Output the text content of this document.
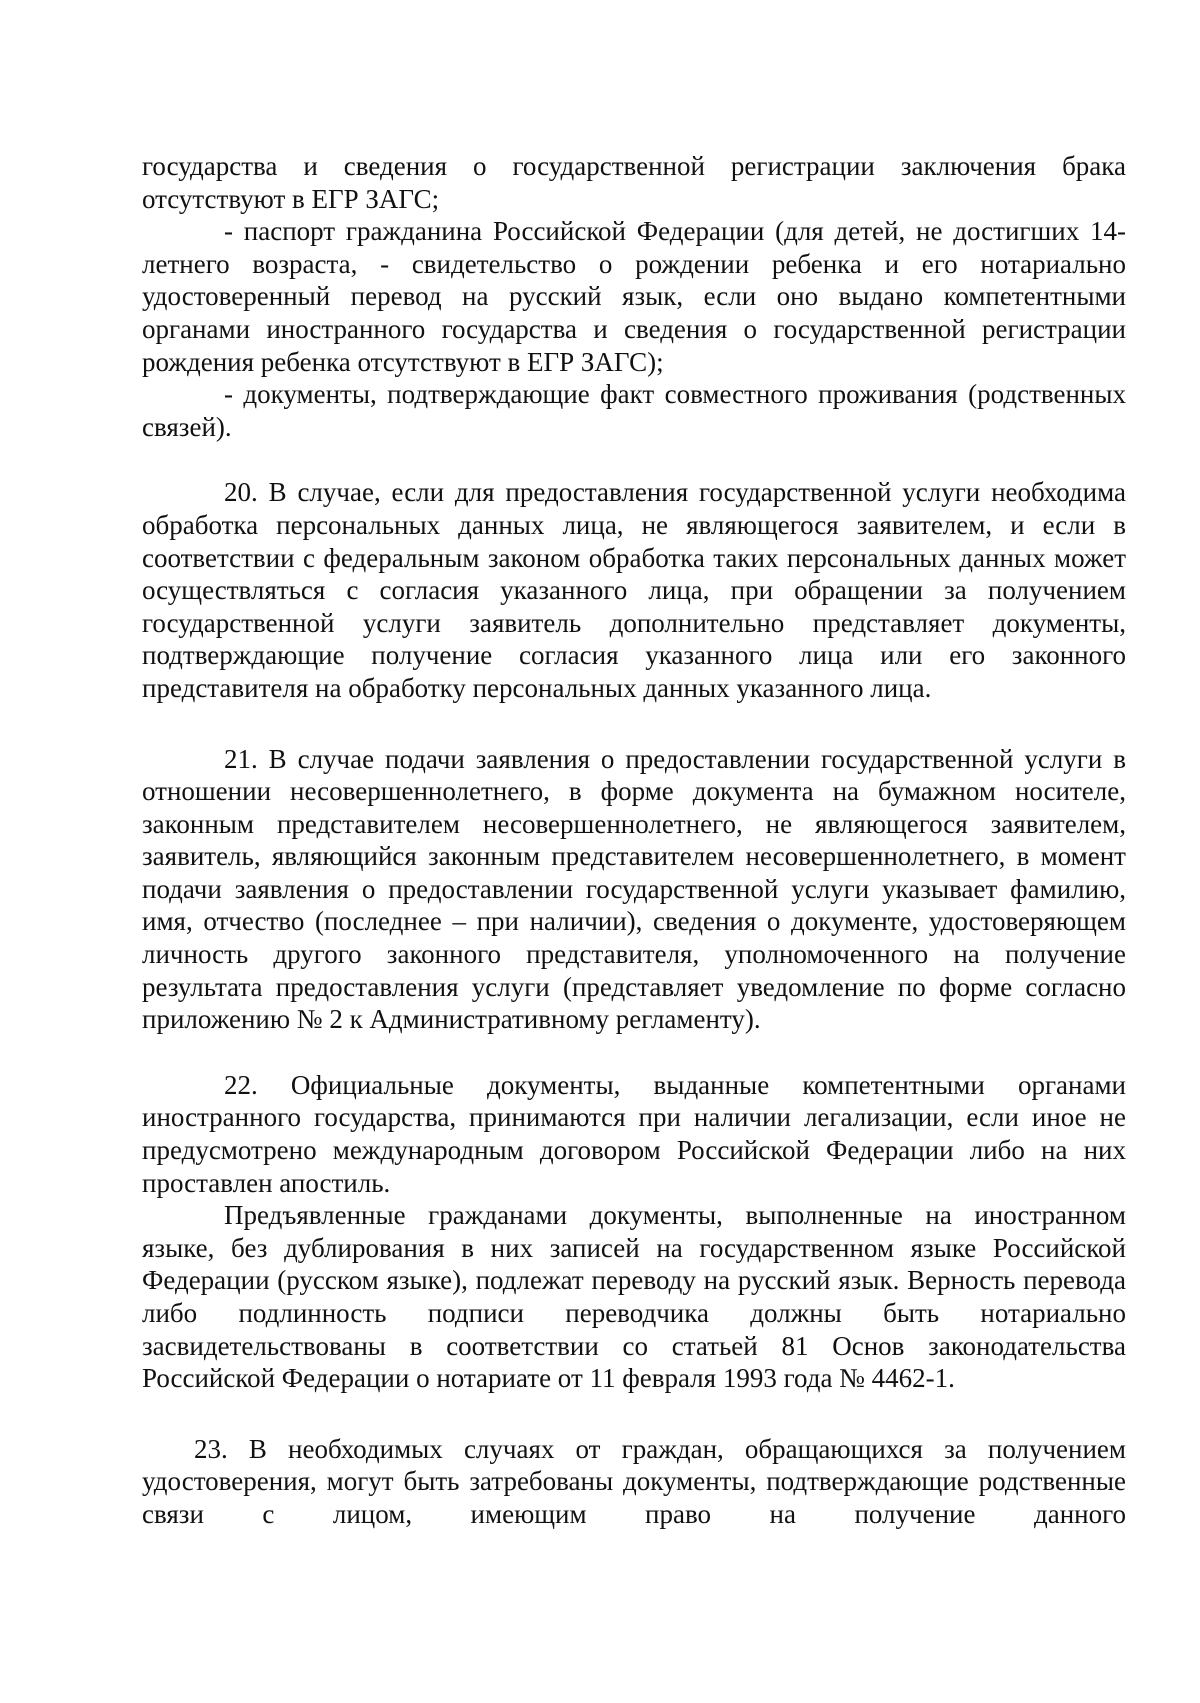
государства и сведения о государственной регистрации заключения брака отсутствуют в ЕГР ЗАГС;

- паспорт гражданина Российской Федерации (для детей, не достигших 14-летнего возраста, - свидетельство о рождении ребенка и его нотариально удостоверенный перевод на русский язык, если оно выдано компетентными органами иностранного государства и сведения о государственной регистрации рождения ребенка отсутствуют в ЕГР ЗАГС);

- документы, подтверждающие факт совместного проживания (родственных связей).

20. В случае, если для предоставления государственной услуги необходима обработка персональных данных лица, не являющегося заявителем, и если в соответствии с федеральным законом обработка таких персональных данных может осуществляться с согласия указанного лица, при обращении за получением государственной услуги заявитель дополнительно представляет документы, подтверждающие получение согласия указанного лица или его законного представителя на обработку персональных данных указанного лица.

21. В случае подачи заявления о предоставлении государственной услуги в отношении несовершеннолетнего, в форме документа на бумажном носителе, законным представителем несовершеннолетнего, не являющегося заявителем, заявитель, являющийся законным представителем несовершеннолетнего, в момент подачи заявления о предоставлении государственной услуги указывает фамилию, имя, отчество (последнее – при наличии), сведения о документе, удостоверяющем личность другого законного представителя, уполномоченного на получение результата предоставления услуги (представляет уведомление по форме согласно приложению № 2 к Административному регламенту).

22. Официальные документы, выданные компетентными органами иностранного государства, принимаются при наличии легализации, если иное не предусмотрено международным договором Российской Федерации либо на них проставлен апостиль.

Предъявленные гражданами документы, выполненные на иностранном языке, без дублирования в них записей на государственном языке Российской Федерации (русском языке), подлежат переводу на русский язык. Верность перевода либо подлинность подписи переводчика должны быть нотариально засвидетельствованы в соответствии со статьей 81 Основ законодательства Российской Федерации о нотариате от 11 февраля 1993 года № 4462-1.

23. В необходимых случаях от граждан, обращающихся за получением удостоверения, могут быть затребованы документы, подтверждающие родственные связи с лицом, имеющим право на получение данного
